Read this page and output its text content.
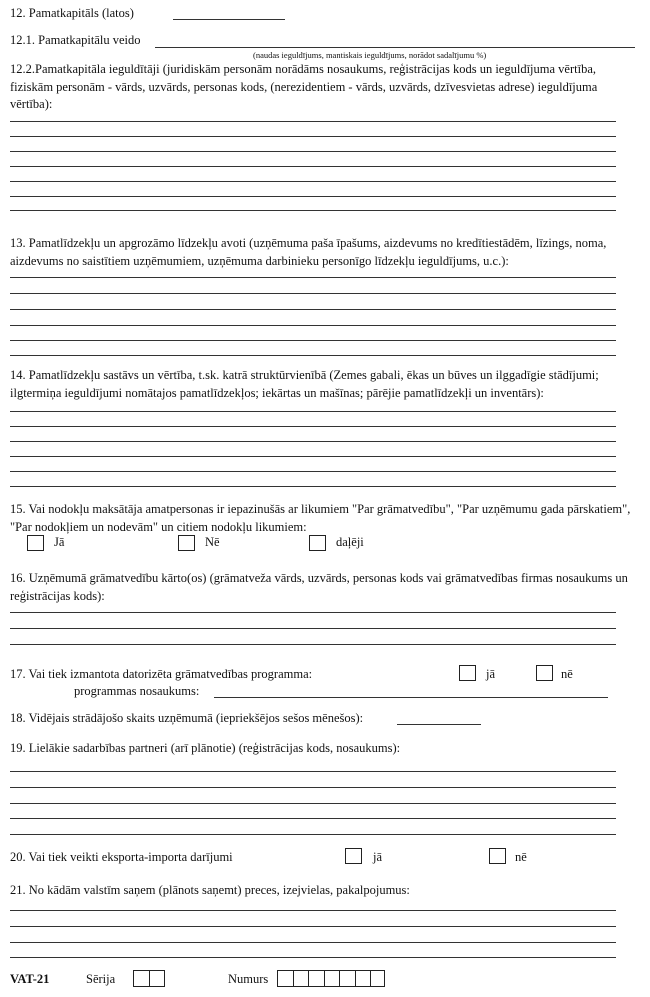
12. Pamatkapitāls (latos)
12.1. Pamatkapitālu veido
(naudas ieguldījums, mantiskais ieguldījums, norādot sadalījumu %)
12.2.Pamatkapitāla ieguldītāji (juridiskām personām norādāms nosaukums, reģistrācijas kods un ieguldījuma vērtība, fiziskām personām - vārds, uzvārds, personas kods, (nerezidentiem - vārds, uzvārds, dzīvesvietas adrese) ieguldījuma vērtība):
13. Pamatlīdzekļu un apgrozāmo līdzekļu avoti (uzņēmuma paša īpašums, aizdevums no kredītiestādēm, līzings, noma, aizdevums no saistītiem uzņēmumiem, uzņēmuma darbinieku personīgo līdzekļu ieguldījums, u.c.):
14. Pamatlīdzekļu sastāvs un vērtība, t.sk. katrā struktūrvienībā (Zemes gabali, ēkas un būves un ilggadīgie stādījumi; ilgtermiņa ieguldījumi nomātajos pamatlīdzekļos; iekārtas un mašīnas; pārējie pamatlīdzekļi un inventārs):
15. Vai nodokļu maksātāja amatpersonas ir iepazinušās ar likumiem "Par grāmatvedību", "Par uzņēmumu gada pārskatiem", "Par nodokļiem un nodevām" un citiem nodokļu likumiem:
Jā	Nē	daļēji
16. Uzņēmumā grāmatvedību kārto(os) (grāmatveža vārds, uzvārds, personas kods vai grāmatvedības firmas nosaukums un reģistrācijas kods):
17. Vai tiek izmantota datorizēta grāmatvedības programma:	jā	nē
programmas nosaukums:
18. Vidējais strādājošo skaits uzņēmumā (iepriekšējos sešos mēnešos):
19. Lielākie sadarbības partneri (arī plānotie) (reģistrācijas kods, nosaukums):
20. Vai tiek veikti eksporta-importa darījumi	jā	nē
21. No kādām valstīm saņem (plānots saņemt) preces, izejvielas, pakalpojumus:
VAT-21	Sērija	Numurs
